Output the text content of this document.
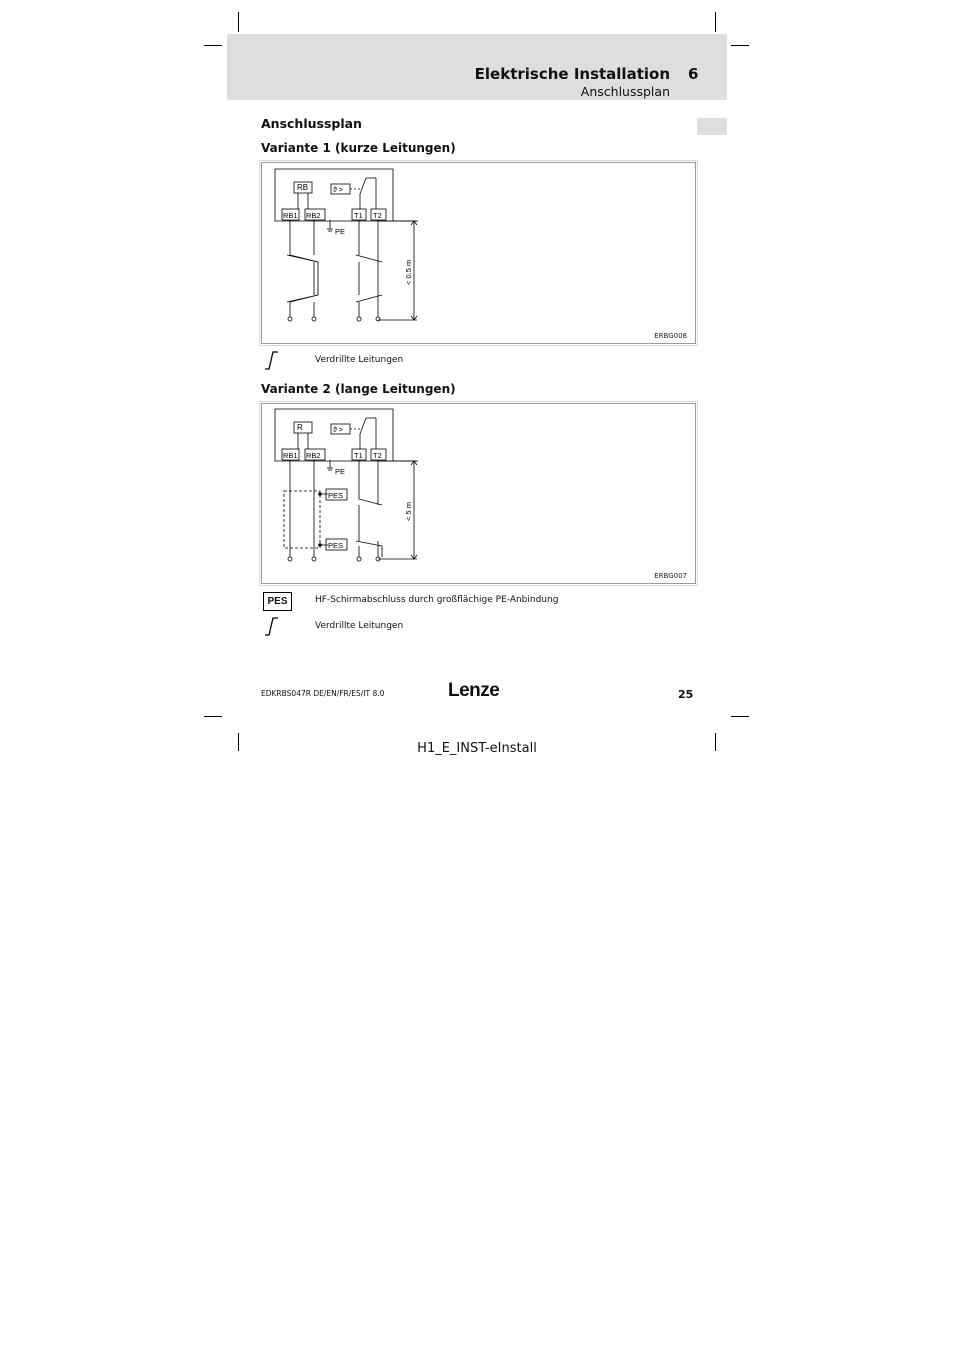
Elektrische Installation 6
Anschlussplan
Anschlussplan
Variante 1 (kurze Leitungen)
RB	ϑ >
RB1 RB2	T1 T2
PE
< 0.5 m
ERBG008
Verdrillte Leitungen
Variante 2 (lange Leitungen)
R	ϑ >
RB1 RB2	T1 T2
PE
PES
PES
< 5 m
ERBG007
PES	HF-Schirmabschluss durch großflächige PE-Anbindung
Verdrillte Leitungen
EDKRBS047R DE/EN/FR/ES/IT 8.0	Lenze	25
H1_E_INST-eInstall
